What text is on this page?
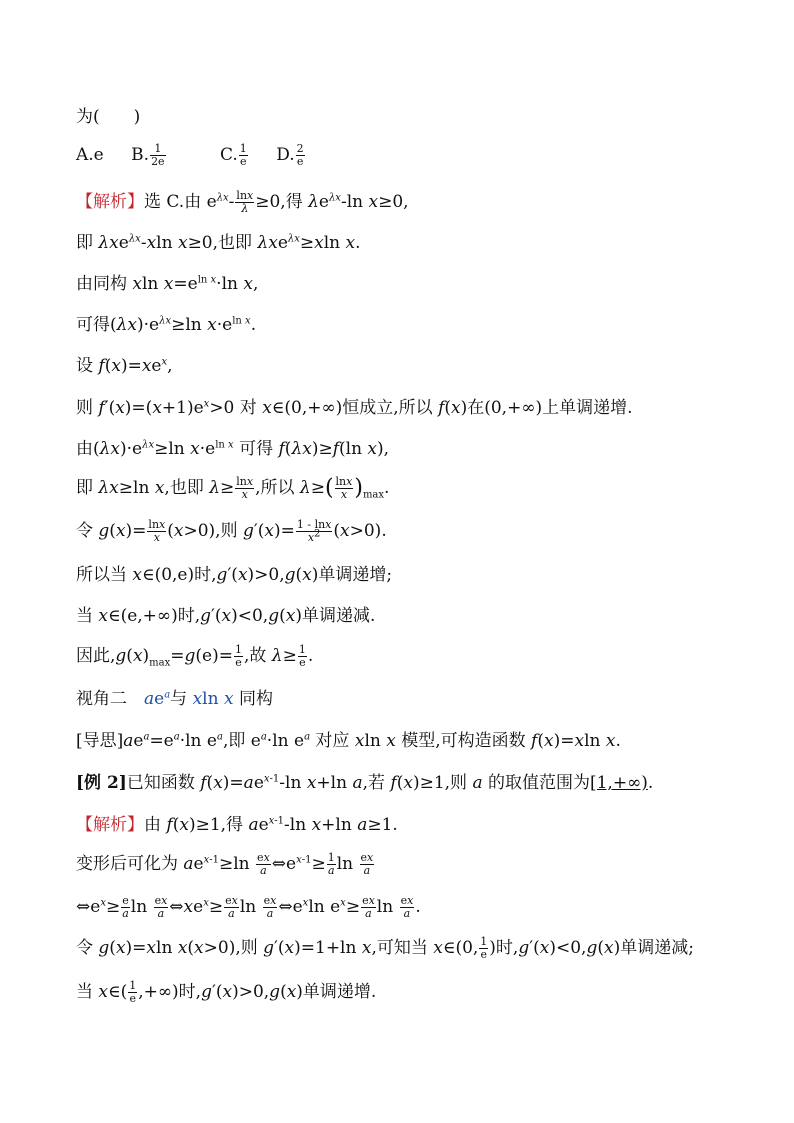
为(　　)
A.e B. $\frac{1}{2e}$	C. $\frac{1}{e} D$. $\frac{2}{e}$
【解析】选 C.由 $e^{\lambda x}- \frac{\ln x}{\lambda} \ge 0$,得 $\lambda e^{\lambda x}-\ln$ x≥0,
即 λxe$^{\lambda x}$-xln x≥0,也即 λxe$^{\lambda x}$≥xln x.
由同构 xln $x=e^{ln x}\cdot\ln$ x,
可得$(\lambda x)\cdot e^{\lambda x}\ge\ln$ $x\cdot e^{ln x}$.
设 $f(x)=xe^x$,
则 $f'(x)=(x+1)e^x>0$ 对 x∈(0,+∞)恒成立,所以 f(x)在(0,+∞)上单调递增.
由$(\lambda x)\cdot e^{\lambda x}\ge\ln$ $x\cdot e^{ln x}$ 可得 f(λx)≥f(ln x),
即 λx≥ln x,也即 $\lambda\ge \frac{\ln x}{x}$ ,所以 $\lambda\ge( \frac{\ln x}{x} )_{max}$.
令 $g(x)= \frac{\ln x}{x} (x>0)$,则 $g'(x)= \frac{1 - \ln x}{x^2} (x>0)$.
所以当 x∈(0,e)时,g′(x)>0,g(x)单调递增;
当 x∈(e,+∞)时,g′(x)<0,g(x)单调递减.
因此$,g(x)_{max}=g(e)= \frac{1}{e}$ ,故 $\lambda\ge \frac{1}{e}$ .
视角二　$ae^a$与 xln x 同构
[导思]$ae^a=e^a\cdot\ln$ $e^a$,即 $e^a\cdot\ln$ $e^a$ 对应 xln x 模型,可构造函数 f(x)=xln x.
[例 2]已知函数 $f(x)=ae^{x-1}-\ln$ x+ln a,若 f(x)≥1,则 a 的取值范围为[1,+∞).
【解析】由 f(x)≥1,得 $ae^{x-1}-\ln$ x+ln a≥1.
变形后可化为 $ae^{x-1}\ge\ln \frac{ex}{a}$ $\Leftrightarrow e^{x-1}\ge \frac{1}{a}$ $\ln \frac{ex}{a}$
$\Leftrightarrow e^x\ge \frac{e}{a}$ $\ln \frac{ex}{a}$ $\Leftrightarrow xe^x\ge \frac{ex}{a}$ $\ln \frac{ex}{a}$ $\Leftrightarrow e^x\ln$ $e^x\ge \frac{ex}{a}$ $\ln \frac{ex}{a}$ .
令 g(x)=xln x(x>0),则 g′(x)=1+ln x,可知当 x∈(0, $\frac{1}{e}$ )时,g′(x)<0,g(x)单调递减;
当 x∈( $\frac{1}{e}$ ,+∞)时,g′(x)>0,g(x)单调递增.
